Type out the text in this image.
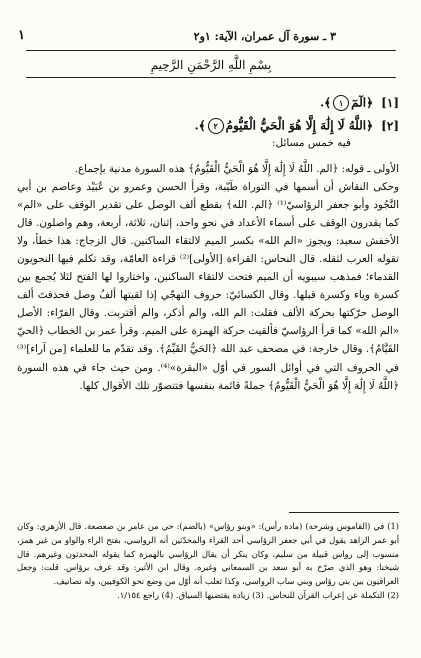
٣ ـ سورة آل عمران، الآية: ١و٢
١
بِسْمِ اللَّهِ الرَّحْمَنِ الرَّحِيمِ
[١]﴿الٓمٓ١﴾.
[٢]﴿اللَّهُ لَا إِلَٰهَ إِلَّا هُوَ الْحَيُّ الْقَيُّومُ٢﴾.
فيه خمس مسائل:

الأولى ـ قوله: ﴿الم. اللَّهُ لَا إِلَٰهَ إِلَّا هُوَ الْحَيُّ الْقَيُّومُ﴾ هذه السورة مدنية بإجماع.

وحكى النقاش أن أسمها في التوراة طَيّبة، وقرأ الحسن وعمرو بن عُبَيْد وعاصم بن أبي النَّجُود وأبو جعفر الرؤاسيّ⁽¹⁾ ﴿الم. الله﴾ بقطع ألف الوصل على تقدير الوقف على «الم» كما يقدرون الوقف على أسماء الأعداد في نحو واحد، إثنان، ثلاثة، أربعة، وهم واصلون. قال الأخفش سعيد: ويجوز «الم الله» بكسر الميم لالتقاء الساكنين. قال الزجاج: هذا خطأ، ولا تقوله العرب لثقله. قال النحاس: القراءة [الأولى]⁽²⁾ قراءة العامّة، وقد تكلم فيها النحويون القدماء؛ فمذهب سيبويه أن الميم فتحت لالتقاء الساكنين، واختاروا لها الفتح لئلا يُجمع بين كسرة وياء وكسرة قبلها. وقال الكسائيّ: حروف التهجّي إذا لقيتها ألفُ وصل فحذفتَ ألف الوصل حرّكتها بحركة الألف فقلت: الم الله، والم أذكر، والم أقتربت. وقال الفرّاء: الأصل «الم الله» كما قرأ الرؤاسيّ فألقيت حركة الهمزة على الميم. وقرأ عمر بن الخطاب ﴿الحيّ القَيَّامُ﴾. وقال خارجة: في مصحف عبد الله ﴿الحَيُّ القَيِّمُ﴾. وقد تقدّم ما للعلماء [من آراء]⁽³⁾ في الحروف التي في أوائل السور في أوّل «البقرة»⁽⁴⁾. ومن حيث جاء في هذه السورة ﴿اللَّهُ لَا إِلَٰهَ إِلَّا هُوَ الْحَيُّ الْقَيُّومُ﴾ جملةً قائمة بنفسها فتتصوّر تلك الأقوال كلها.

(1) في (القاموس وشرحه) (مادة رأس): «وبنو رؤاس» (بالضم): حي من عامر بن صعصعة. قال الأزهري: وكان أبو عمر الزاهد يقول في أبي جعفر الرؤاسي أحد القراء والمحدّثين أنه الرواسي، بفتح الراء والواو من غير همز، منسوب إلى رواس قبيلة من سليم، وكان ينكر أن يقال الرؤاسي بالهمزة كما يقوله المحدثون وغيرهم. قال شيخنا: وهو الذي صرّح به أبو سعد بن السمعاني وغيره. وقال ابن الأثير: وقد عرف برؤاس. قلت: وجعل العراقيون بين بني رؤاس وبني ساب الرواسي، وكذا ثعلب أنه أوّل من وضع نحو الكوفيين، وله تصانيف.

(2) التكملة عن إعراب القرآن للنحاس. (3) زيادة يقتضيها السياق. (4) راجع ١/١٥٤.
